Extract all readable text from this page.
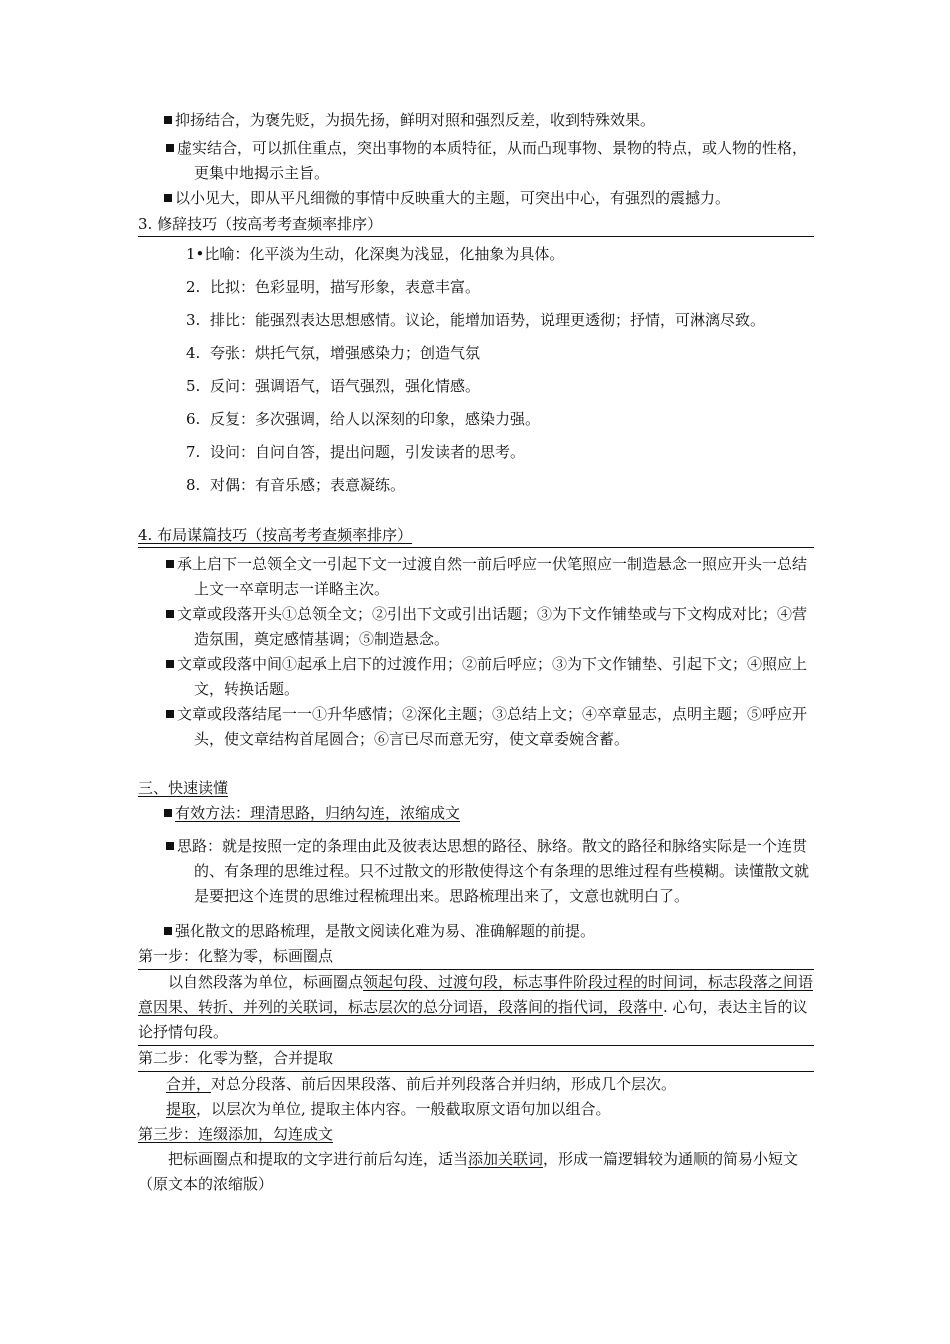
抑扬结合，为褒先贬，为损先扬，鲜明对照和强烈反差，收到特殊效果。
虚实结合，可以抓住重点，突出事物的本质特征，从而凸现事物、景物的特点，或人物的性格，更集中地揭示主旨。
以小见大，即从平凡细微的事情中反映重大的主题，可突出中心，有强烈的震撼力。
3. 修辞技巧（按高考考查频率排序）
1•比喻：化平淡为生动，化深奥为浅显，化抽象为具体。
2. 比拟：色彩显明，描写形象，表意丰富。
3. 排比：能强烈表达思想感情。议论，能增加语势，说理更透彻；抒情，可淋漓尽致。
4. 夸张：烘托气氛，增强感染力；创造气氛
5. 反问：强调语气，语气强烈，强化情感。
6. 反复：多次强调，给人以深刻的印象，感染力强。
7. 设问：自问自答，提出问题，引发读者的思考。
8. 对偶：有音乐感；表意凝练。
4. 布局谋篇技巧（按高考考查频率排序）
承上启下一总领全文一引起下文一过渡自然一前后呼应一伏笔照应一制造悬念一照应开头一总结上文一卒章明志一详略主次。
文章或段落开头①总领全文；②引出下文或引出话题；③为下文作铺垫或与下文构成对比；④营造氛围，奠定感情基调；⑤制造悬念。
文章或段落中间①起承上启下的过渡作用；②前后呼应；③为下文作铺垫、引起下文；④照应上文，转换话题。
文章或段落结尾一一①升华感情；②深化主题；③总结上文；④卒章显志，点明主题；⑤呼应开头，使文章结构首尾圆合；⑥言已尽而意无穷，使文章委婉含蓄。
三、快速读懂
有效方法：理清思路，归纳勾连，浓缩成文
思路：就是按照一定的条理由此及彼表达思想的路径、脉络。散文的路径和脉络实际是一个连贯的、有条理的思维过程。只不过散文的形散使得这个有条理的思维过程有些模糊。读懂散文就是要把这个连贯的思维过程梳理出来。思路梳理出来了，文意也就明白了。
强化散文的思路梳理，是散文阅读化难为易、准确解题的前提。
第一步：化整为零，标画圈点
以自然段落为单位，标画圈点领起句段、过渡句段，标志事件阶段过程的时间词，标志段落之间语意因果、转折、并列的关联词，标志层次的总分词语，段落间的指代词，段落中. 心句，表达主旨的议论抒情句段。
第二步：化零为整，合并提取
合并，对总分段落、前后因果段落、前后并列段落合并归纳，形成几个层次。
提取，以层次为单位, 提取主体内容。一般截取原文语句加以组合。
第三步：连缀添加，勾连成文
把标画圈点和提取的文字进行前后勾连，适当添加关联词，形成一篇逻辑较为通顺的简易小短文（原文本的浓缩版）
